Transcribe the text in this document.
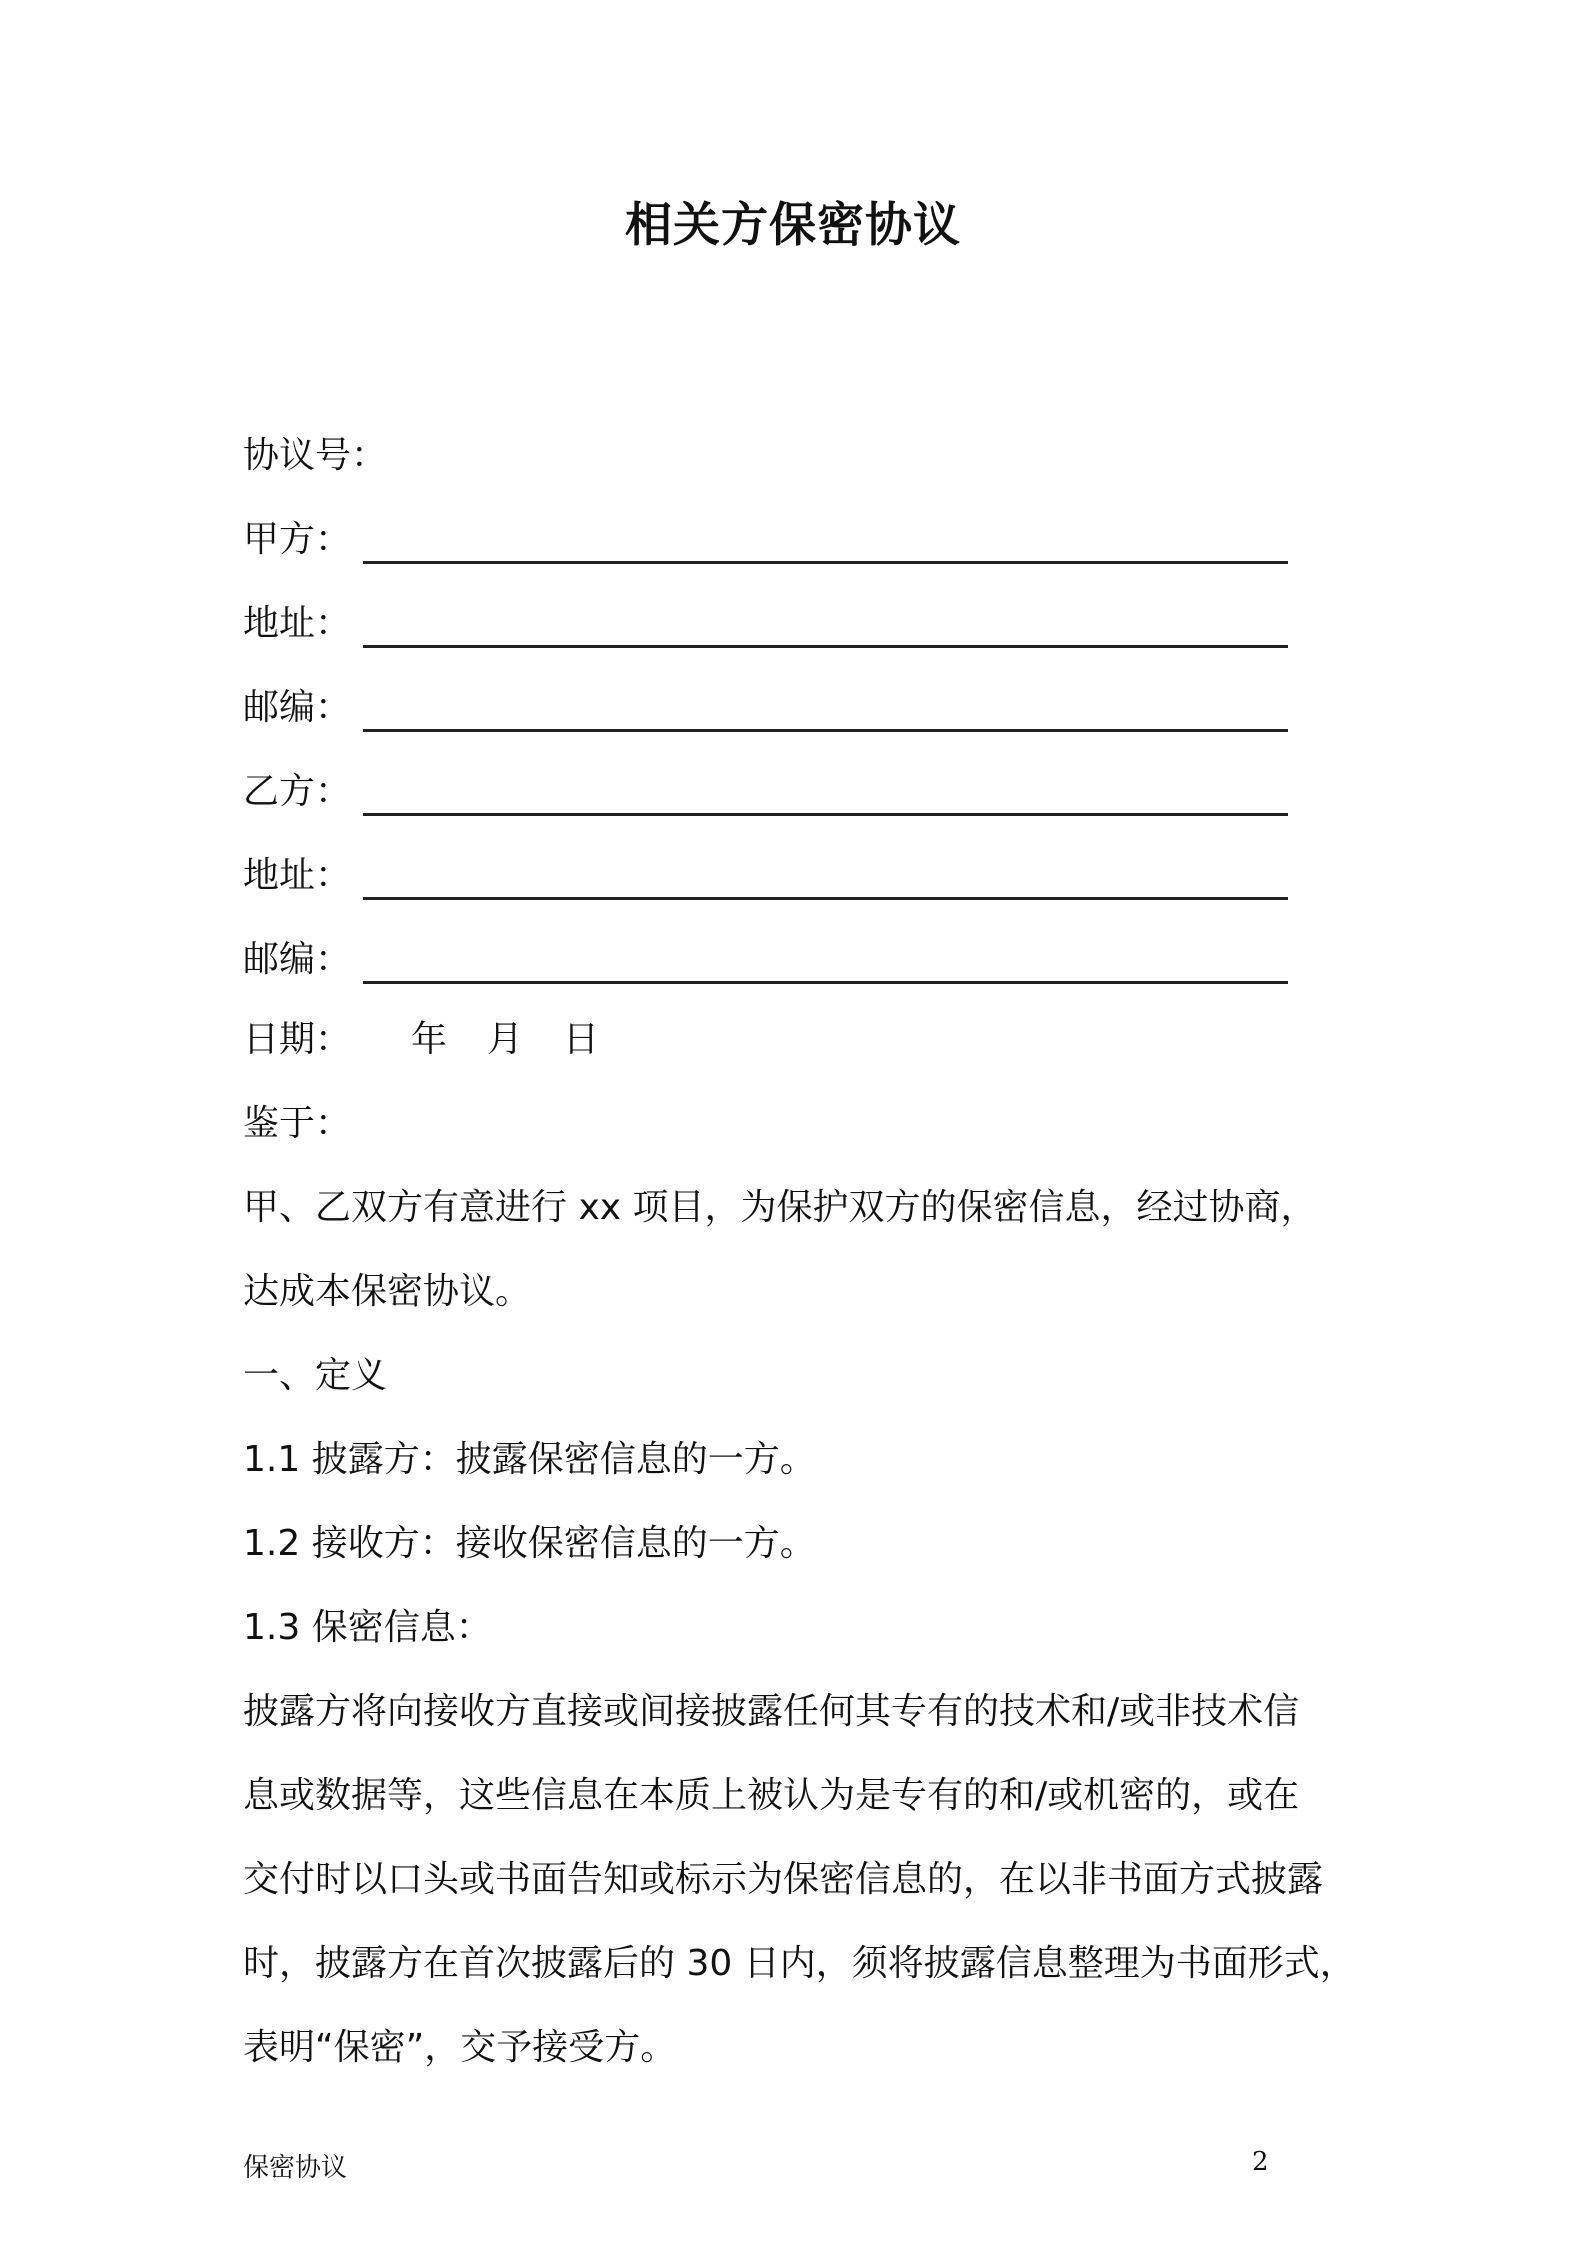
相关方保密协议
协议号：
甲方：
地址：
邮编：
乙方：
地址：
邮编：
日期： 年 月 日
鉴于：
甲、乙双方有意进行 xx 项目，为保护双方的保密信息，经过协商，
达成本保密协议。
一、定义
1.1 披露方：披露保密信息的一方。
1.2 接收方：接收保密信息的一方。
1.3 保密信息：
披露方将向接收方直接或间接披露任何其专有的技术和/或非技术信
息或数据等，这些信息在本质上被认为是专有的和/或机密的，或在
交付时以口头或书面告知或标示为保密信息的，在以非书面方式披露
时，披露方在首次披露后的 30 日内，须将披露信息整理为书面形式，
表明“保密”，交予接受方。
保密协议	2
